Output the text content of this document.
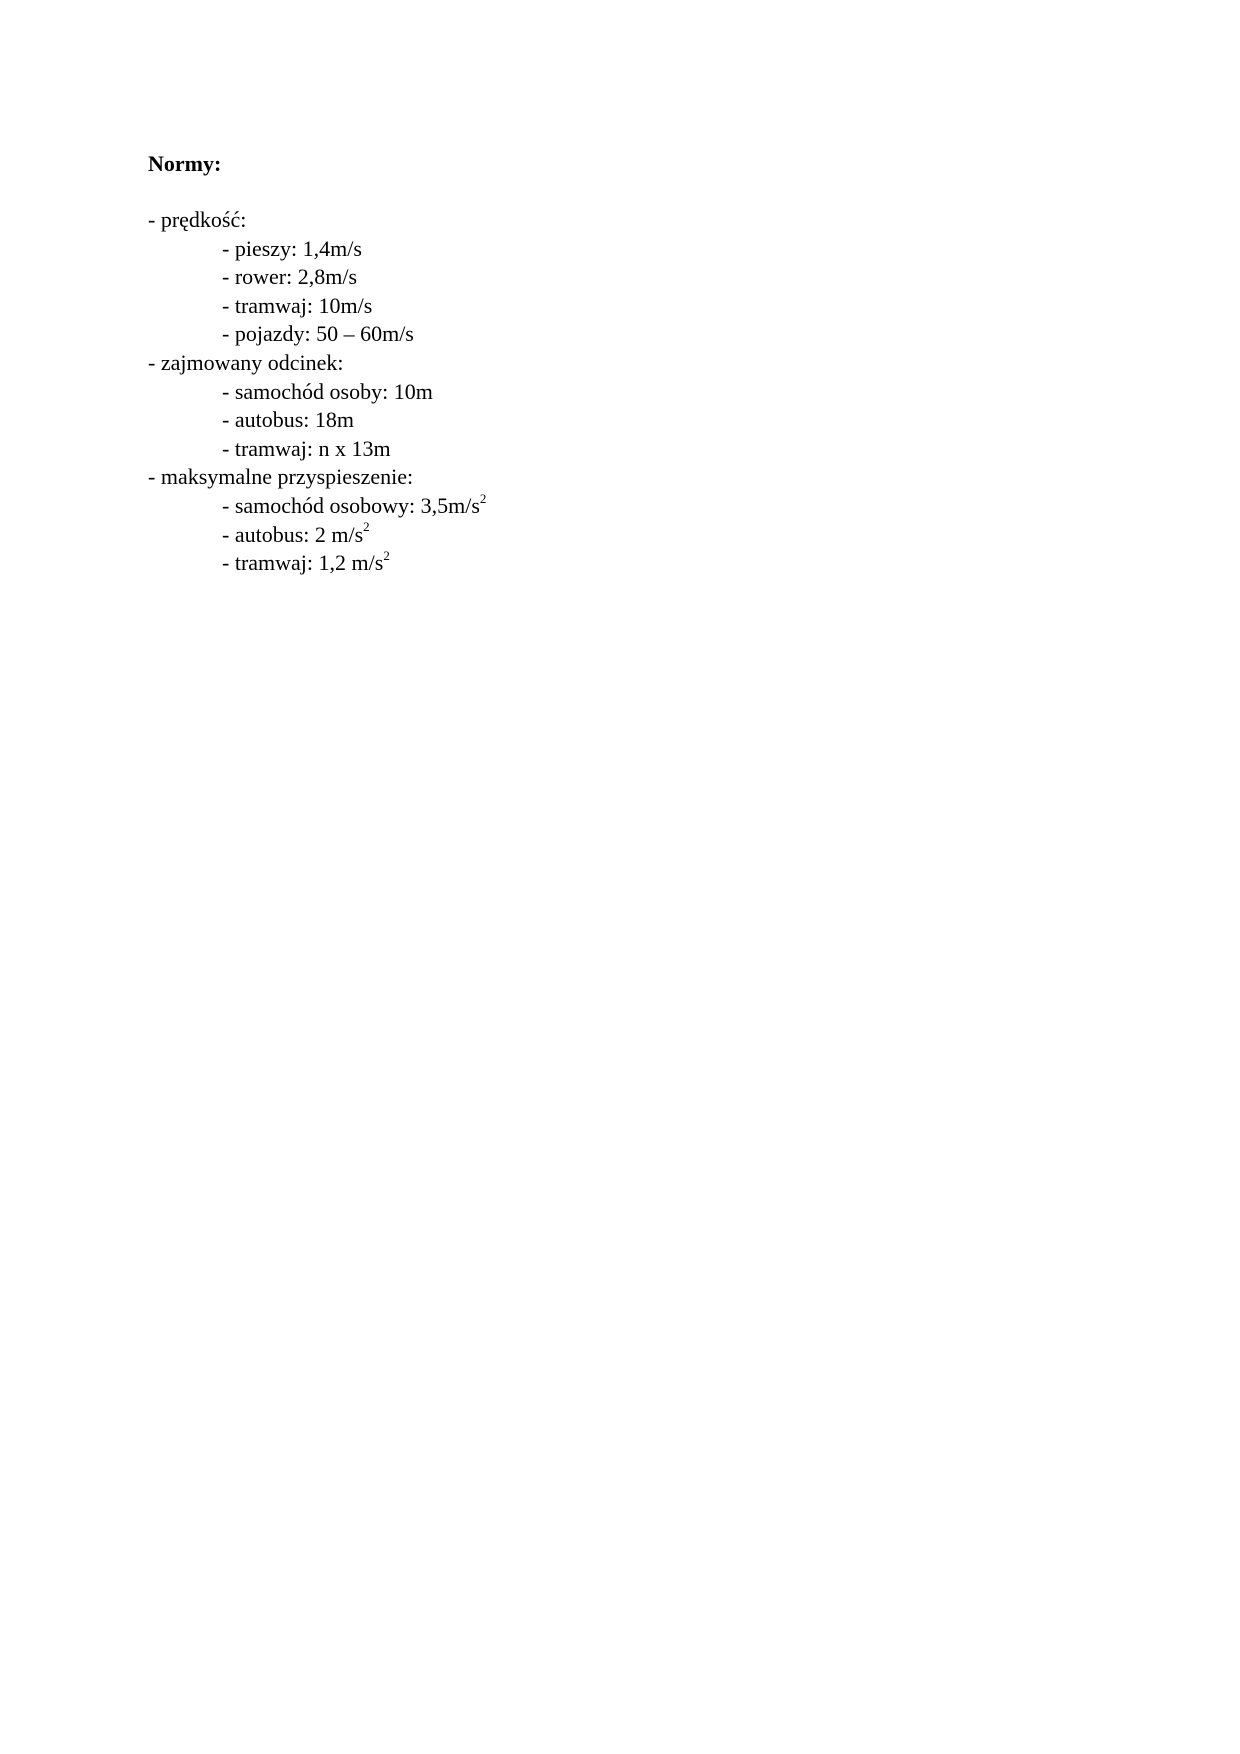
Normy:
- prędkość:
- pieszy: 1,4m/s
- rower: 2,8m/s
- tramwaj: 10m/s
- pojazdy: 50 – 60m/s
- zajmowany odcinek:
- samochód osoby: 10m
- autobus: 18m
- tramwaj: n x 13m
- maksymalne przyspieszenie:
- samochód osobowy: $3,5m/s^2$
- autobus: 2 $m/s^2$
- tramwaj: 1,2 $m/s^2$
